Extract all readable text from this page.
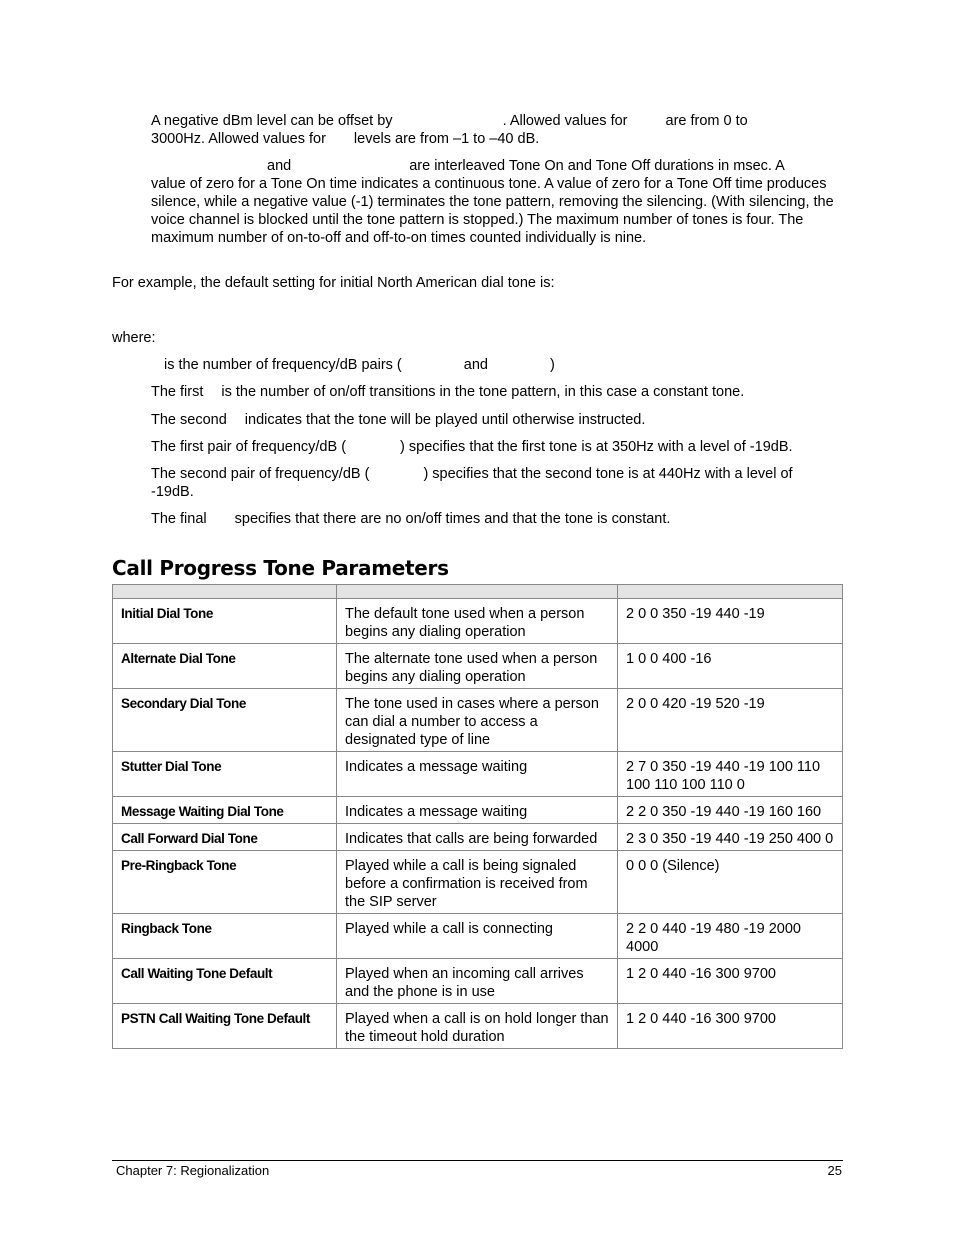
A negative dBm level can be offset by	. Allowed values for	are from 0 to
3000Hz. Allowed values for levels are from –1 to –40 dB.
and	are interleaved Tone On and Tone Off durations in msec. A
value of zero for a Tone On time indicates a continuous tone. A value of zero for a Tone Off time produces silence, while a negative value (-1) terminates the tone pattern, removing the silencing. (With silencing, the voice channel is blocked until the tone pattern is stopped.) The maximum number of tones is four. The maximum number of on-to-off and off-to-on times counted individually is nine.
For example, the default setting for initial North American dial tone is:
where:
is the number of frequency/dB pairs (	and	)
The first is the number of on/off transitions in the tone pattern, in this case a constant tone.
The second indicates that the tone will be played until otherwise instructed.
The first pair of frequency/dB (	) specifies that the first tone is at 350Hz with a level of -19dB.
The second pair of frequency/dB (	) specifies that the second tone is at 440Hz with a level of
-19dB.
The final specifies that there are no on/off times and that the tone is constant.
Call Progress Tone Parameters

Initial Dial Tone	The default tone used when a person begins any dialing operation	2 0 0 350 -19 440 -19
Alternate Dial Tone	The alternate tone used when a person begins any dialing operation	1 0 0 400 -16
Secondary Dial Tone	The tone used in cases where a person can dial a number to access a designated type of line	2 0 0 420 -19 520 -19
Stutter Dial Tone	Indicates a message waiting	2 7 0 350 -19 440 -19 100 110 100 110 100 110 0
Message Waiting Dial Tone	Indicates a message waiting	2 2 0 350 -19 440 -19 160 160
Call Forward Dial Tone	Indicates that calls are being forwarded	2 3 0 350 -19 440 -19 250 400 0
Pre-Ringback Tone	Played while a call is being signaled before a confirmation is received from the SIP server	0 0 0 (Silence)
Ringback Tone	Played while a call is connecting	2 2 0 440 -19 480 -19 2000 4000
Call Waiting Tone Default	Played when an incoming call arrives and the phone is in use	1 2 0 440 -16 300 9700
PSTN Call Waiting Tone Default	Played when a call is on hold longer than the timeout hold duration	1 2 0 440 -16 300 9700
Chapter 7: Regionalization	25
